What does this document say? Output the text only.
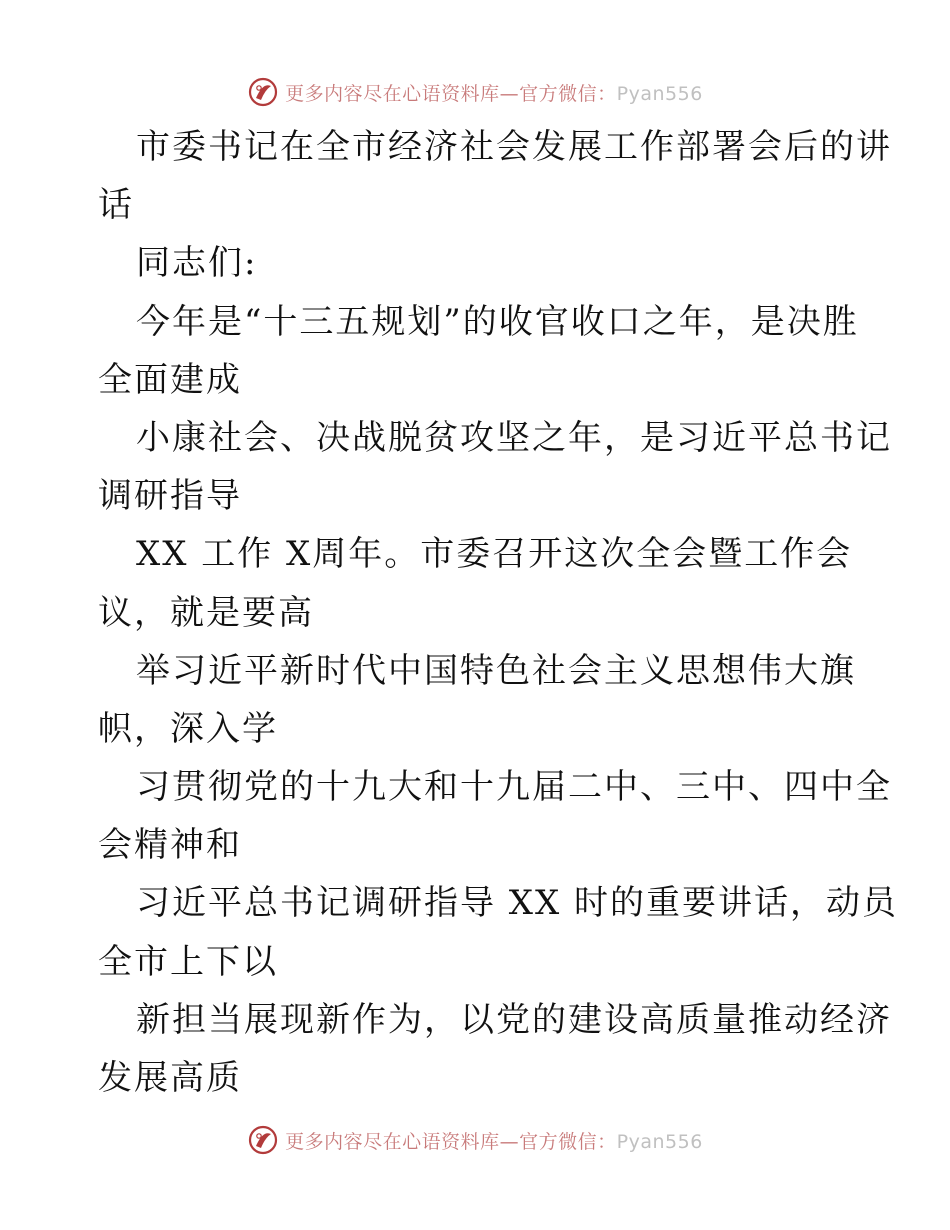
更多内容尽在心语资料库—官方微信：Pyan556
市委书记在全市经济社会发展工作部署会后的讲
话
同志们:
今年是“十三五规划”的收官收口之年，是决胜
全面建成
小康社会、决战脱贫攻坚之年，是习近平总书记
调研指导
XX 工作 X周年。市委召开这次全会暨工作会
议，就是要高
举习近平新时代中国特色社会主义思想伟大旗
帜，深入学
习贯彻党的十九大和十九届二中、三中、四中全
会精神和
习近平总书记调研指导 XX 时的重要讲话，动员
全市上下以
新担当展现新作为，以党的建设高质量推动经济
发展高质
更多内容尽在心语资料库—官方微信：Pyan556
